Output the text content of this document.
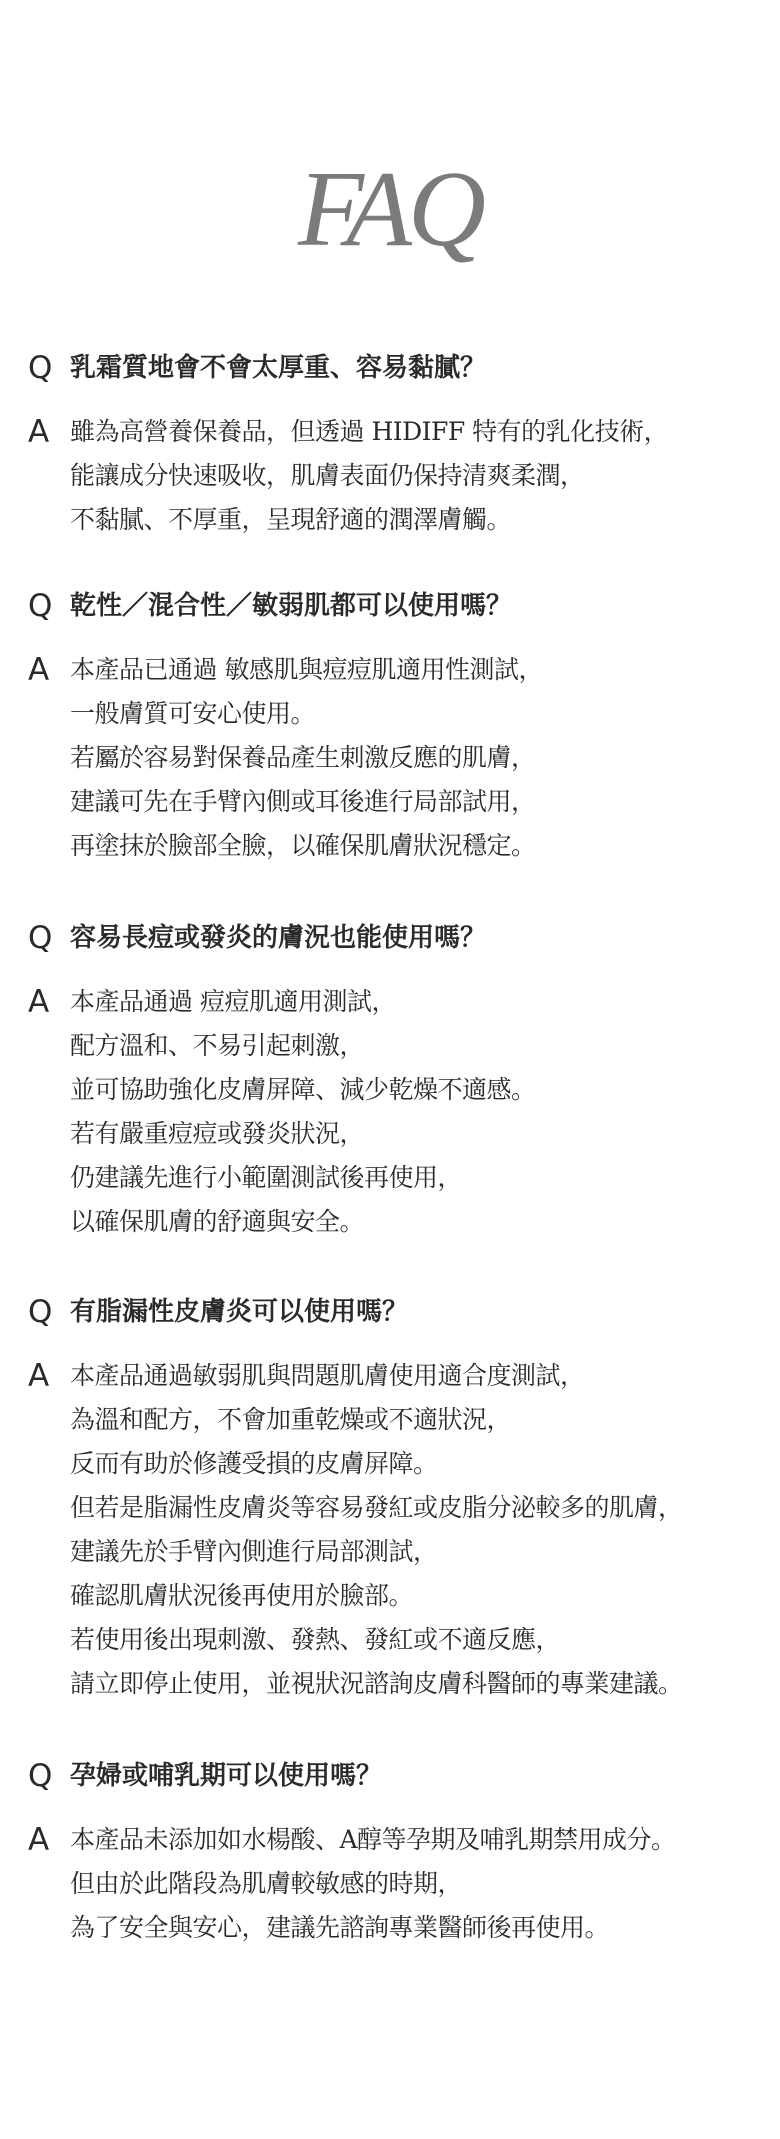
FAQ
Q 乳霜質地會不會太厚重、容易黏膩？
A 雖為高營養保養品，但透過 HIDIFF 特有的乳化技術，
能讓成分快速吸收，肌膚表面仍保持清爽柔潤，
不黏膩、不厚重，呈現舒適的潤澤膚觸。
Q 乾性／混合性／敏弱肌都可以使用嗎？
A 本產品已通過 敏感肌與痘痘肌適用性測試，
一般膚質可安心使用。
若屬於容易對保養品產生刺激反應的肌膚，
建議可先在手臂內側或耳後進行局部試用，
再塗抹於臉部全臉，以確保肌膚狀況穩定。
Q 容易長痘或發炎的膚況也能使用嗎？
A 本產品通過 痘痘肌適用測試，
配方溫和、不易引起刺激，
並可協助強化皮膚屏障、減少乾燥不適感。
若有嚴重痘痘或發炎狀況，
仍建議先進行小範圍測試後再使用，
以確保肌膚的舒適與安全。
Q 有脂漏性皮膚炎可以使用嗎？
A 本產品通過敏弱肌與問題肌膚使用適合度測試，
為溫和配方，不會加重乾燥或不適狀況，
反而有助於修護受損的皮膚屏障。
但若是脂漏性皮膚炎等容易發紅或皮脂分泌較多的肌膚，
建議先於手臂內側進行局部測試，
確認肌膚狀況後再使用於臉部。
若使用後出現刺激、發熱、發紅或不適反應，
請立即停止使用，並視狀況諮詢皮膚科醫師的專業建議。
Q 孕婦或哺乳期可以使用嗎？
A 本產品未添加如水楊酸、A醇等孕期及哺乳期禁用成分。
但由於此階段為肌膚較敏感的時期，
為了安全與安心，建議先諮詢專業醫師後再使用。
